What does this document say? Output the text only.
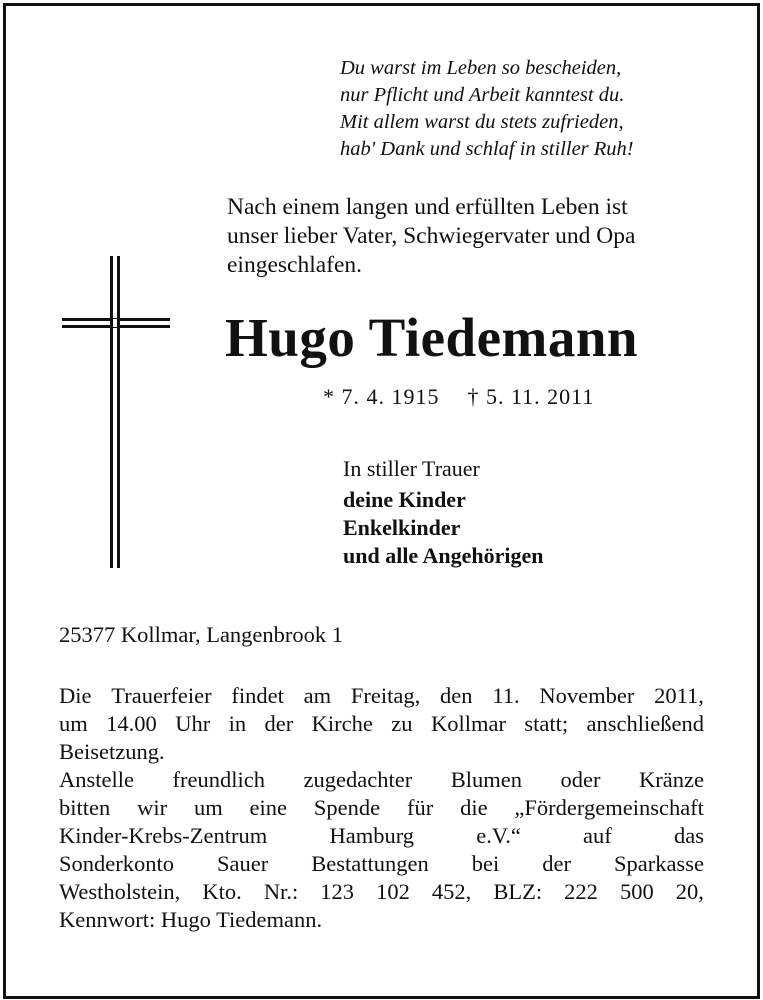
Du warst im Leben so bescheiden,
nur Pflicht und Arbeit kanntest du.
Mit allem warst du stets zufrieden,
hab' Dank und schlaf in stiller Ruh!
Nach einem langen und erfüllten Leben ist
unser lieber Vater, Schwiegervater und Opa
eingeschlafen.
Hugo Tiedemann
* 7. 4. 1915 † 5. 11. 2011
In stiller Trauer
deine Kinder
Enkelkinder
und alle Angehörigen
25377 Kollmar, Langenbrook 1
Die Trauerfeier findet am Freitag, den 11. November 2011,
um 14.00 Uhr in der Kirche zu Kollmar statt; anschließend
Beisetzung.
Anstelle freundlich zugedachter Blumen oder Kränze
bitten wir um eine Spende für die „Fördergemeinschaft
Kinder-Krebs-Zentrum	Hamburg	e.V.“	auf	das
Sonderkonto Sauer Bestattungen bei der Sparkasse
Westholstein, Kto. Nr.: 123 102 452, BLZ: 222 500 20,
Kennwort: Hugo Tiedemann.
